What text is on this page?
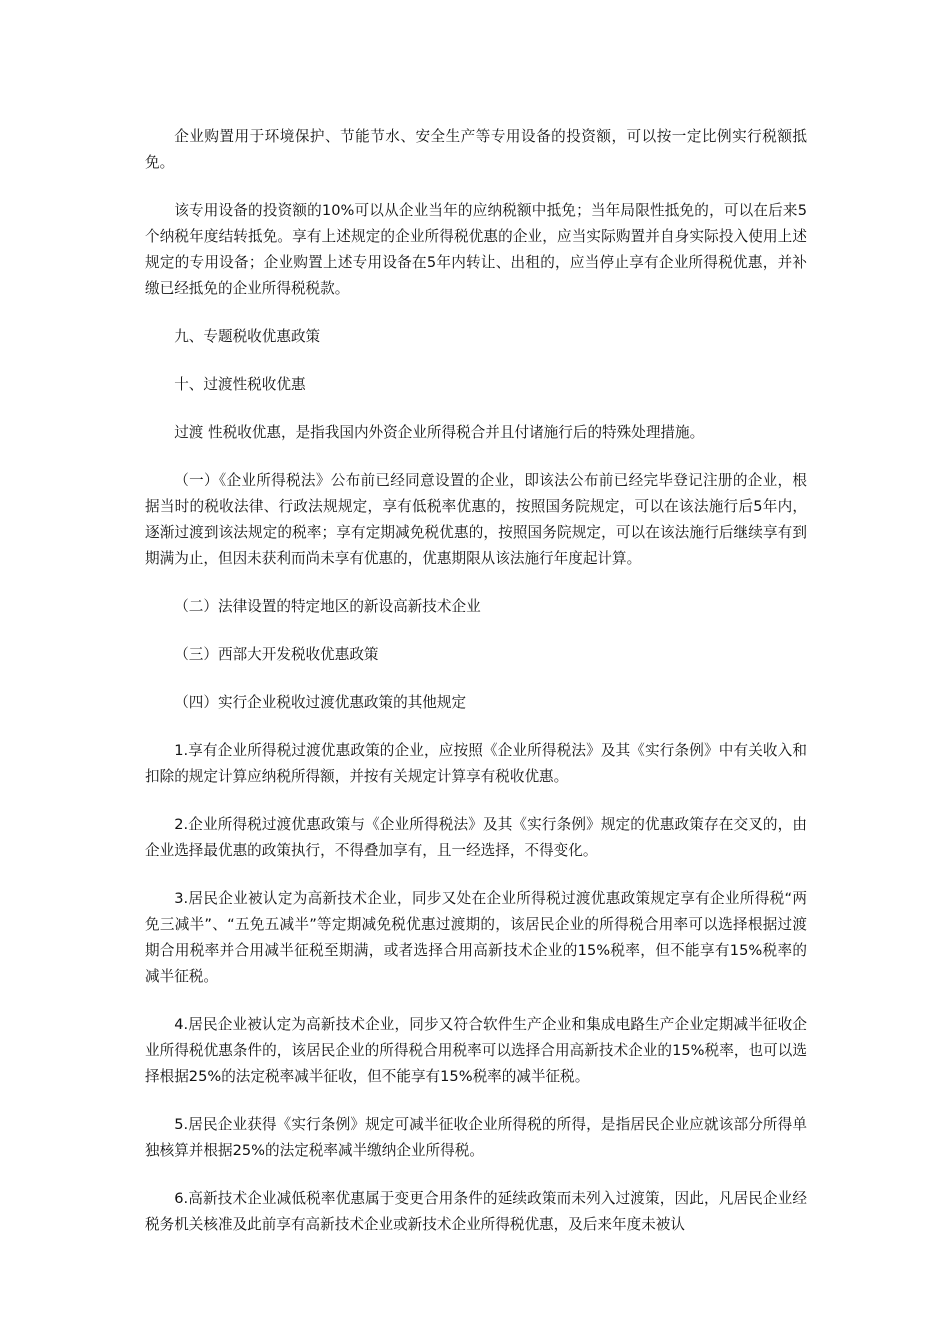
企业购置用于环境保护、节能节水、安全生产等专用设备的投资额，可以按一定比例实行税额抵免。

该专用设备的投资额的10%可以从企业当年的应纳税额中抵免；当年局限性抵免的，可以在后来5个纳税年度结转抵免。享有上述规定的企业所得税优惠的企业，应当实际购置并自身实际投入使用上述规定的专用设备；企业购置上述专用设备在5年内转让、出租的，应当停止享有企业所得税优惠，并补缴已经抵免的企业所得税税款。

九、专题税收优惠政策

十、过渡性税收优惠

过渡 性税收优惠，是指我国内外资企业所得税合并且付诸施行后的特殊处理措施。

（一）《企业所得税法》公布前已经同意设置的企业，即该法公布前已经完毕登记注册的企业，根据当时的税收法律、行政法规规定，享有低税率优惠的，按照国务院规定，可以在该法施行后5年内，逐渐过渡到该法规定的税率；享有定期减免税优惠的，按照国务院规定，可以在该法施行后继续享有到期满为止，但因未获利而尚未享有优惠的，优惠期限从该法施行年度起计算。

（二）法律设置的特定地区的新设高新技术企业

（三）西部大开发税收优惠政策

（四）实行企业税收过渡优惠政策的其他规定

1.享有企业所得税过渡优惠政策的企业，应按照《企业所得税法》及其《实行条例》中有关收入和扣除的规定计算应纳税所得额，并按有关规定计算享有税收优惠。

2.企业所得税过渡优惠政策与《企业所得税法》及其《实行条例》规定的优惠政策存在交叉的，由企业选择最优惠的政策执行，不得叠加享有，且一经选择，不得变化。

3.居民企业被认定为高新技术企业，同步又处在企业所得税过渡优惠政策规定享有企业所得税“两免三减半”、“五免五减半”等定期减免税优惠过渡期的，该居民企业的所得税合用率可以选择根据过渡期合用税率并合用减半征税至期满，或者选择合用高新技术企业的15%税率，但不能享有15%税率的减半征税。

4.居民企业被认定为高新技术企业，同步又符合软件生产企业和集成电路生产企业定期减半征收企业所得税优惠条件的，该居民企业的所得税合用税率可以选择合用高新技术企业的15%税率，也可以选择根据25%的法定税率减半征收，但不能享有15%税率的减半征税。

5.居民企业获得《实行条例》规定可减半征收企业所得税的所得，是指居民企业应就该部分所得单独核算并根据25%的法定税率减半缴纳企业所得税。

6.高新技术企业减低税率优惠属于变更合用条件的延续政策而未列入过渡策，因此，凡居民企业经税务机关核准及此前享有高新技术企业或新技术企业所得税优惠，及后来年度未被认
